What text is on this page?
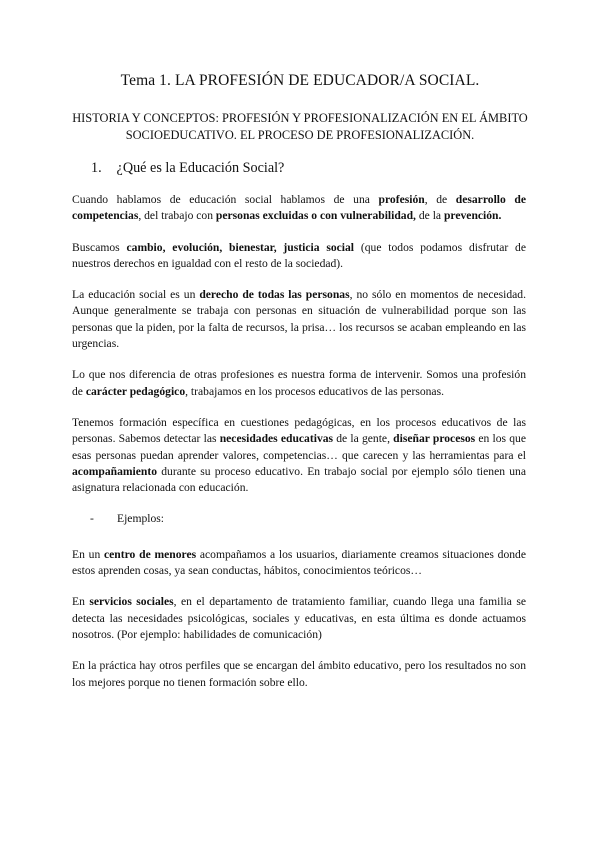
Tema 1. LA PROFESIÓN DE EDUCADOR/A SOCIAL.
HISTORIA Y CONCEPTOS: PROFESIÓN Y PROFESIONALIZACIÓN EN EL ÁMBITO SOCIOEDUCATIVO. EL PROCESO DE PROFESIONALIZACIÓN.
1. ¿Qué es la Educación Social?

Cuando hablamos de educación social hablamos de una profesión, de desarrollo de competencias, del trabajo con personas excluidas o con vulnerabilidad, de la prevención.

Buscamos cambio, evolución, bienestar, justicia social (que todos podamos disfrutar de nuestros derechos en igualdad con el resto de la sociedad).

La educación social es un derecho de todas las personas, no sólo en momentos de necesidad. Aunque generalmente se trabaja con personas en situación de vulnerabilidad porque son las personas que la piden, por la falta de recursos, la prisa… los recursos se acaban empleando en las urgencias.

Lo que nos diferencia de otras profesiones es nuestra forma de intervenir. Somos una profesión de carácter pedagógico, trabajamos en los procesos educativos de las personas.

Tenemos formación específica en cuestiones pedagógicas, en los procesos educativos de las personas. Sabemos detectar las necesidades educativas de la gente, diseñar procesos en los que esas personas puedan aprender valores, competencias… que carecen y las herramientas para el acompañamiento durante su proceso educativo. En trabajo social por ejemplo sólo tienen una asignatura relacionada con educación.

-	Ejemplos:

En un centro de menores acompañamos a los usuarios, diariamente creamos situaciones donde estos aprenden cosas, ya sean conductas, hábitos, conocimientos teóricos…

En servicios sociales, en el departamento de tratamiento familiar, cuando llega una familia se detecta las necesidades psicológicas, sociales y educativas, en esta última es donde actuamos nosotros. (Por ejemplo: habilidades de comunicación)

En la práctica hay otros perfiles que se encargan del ámbito educativo, pero los resultados no son los mejores porque no tienen formación sobre ello.
